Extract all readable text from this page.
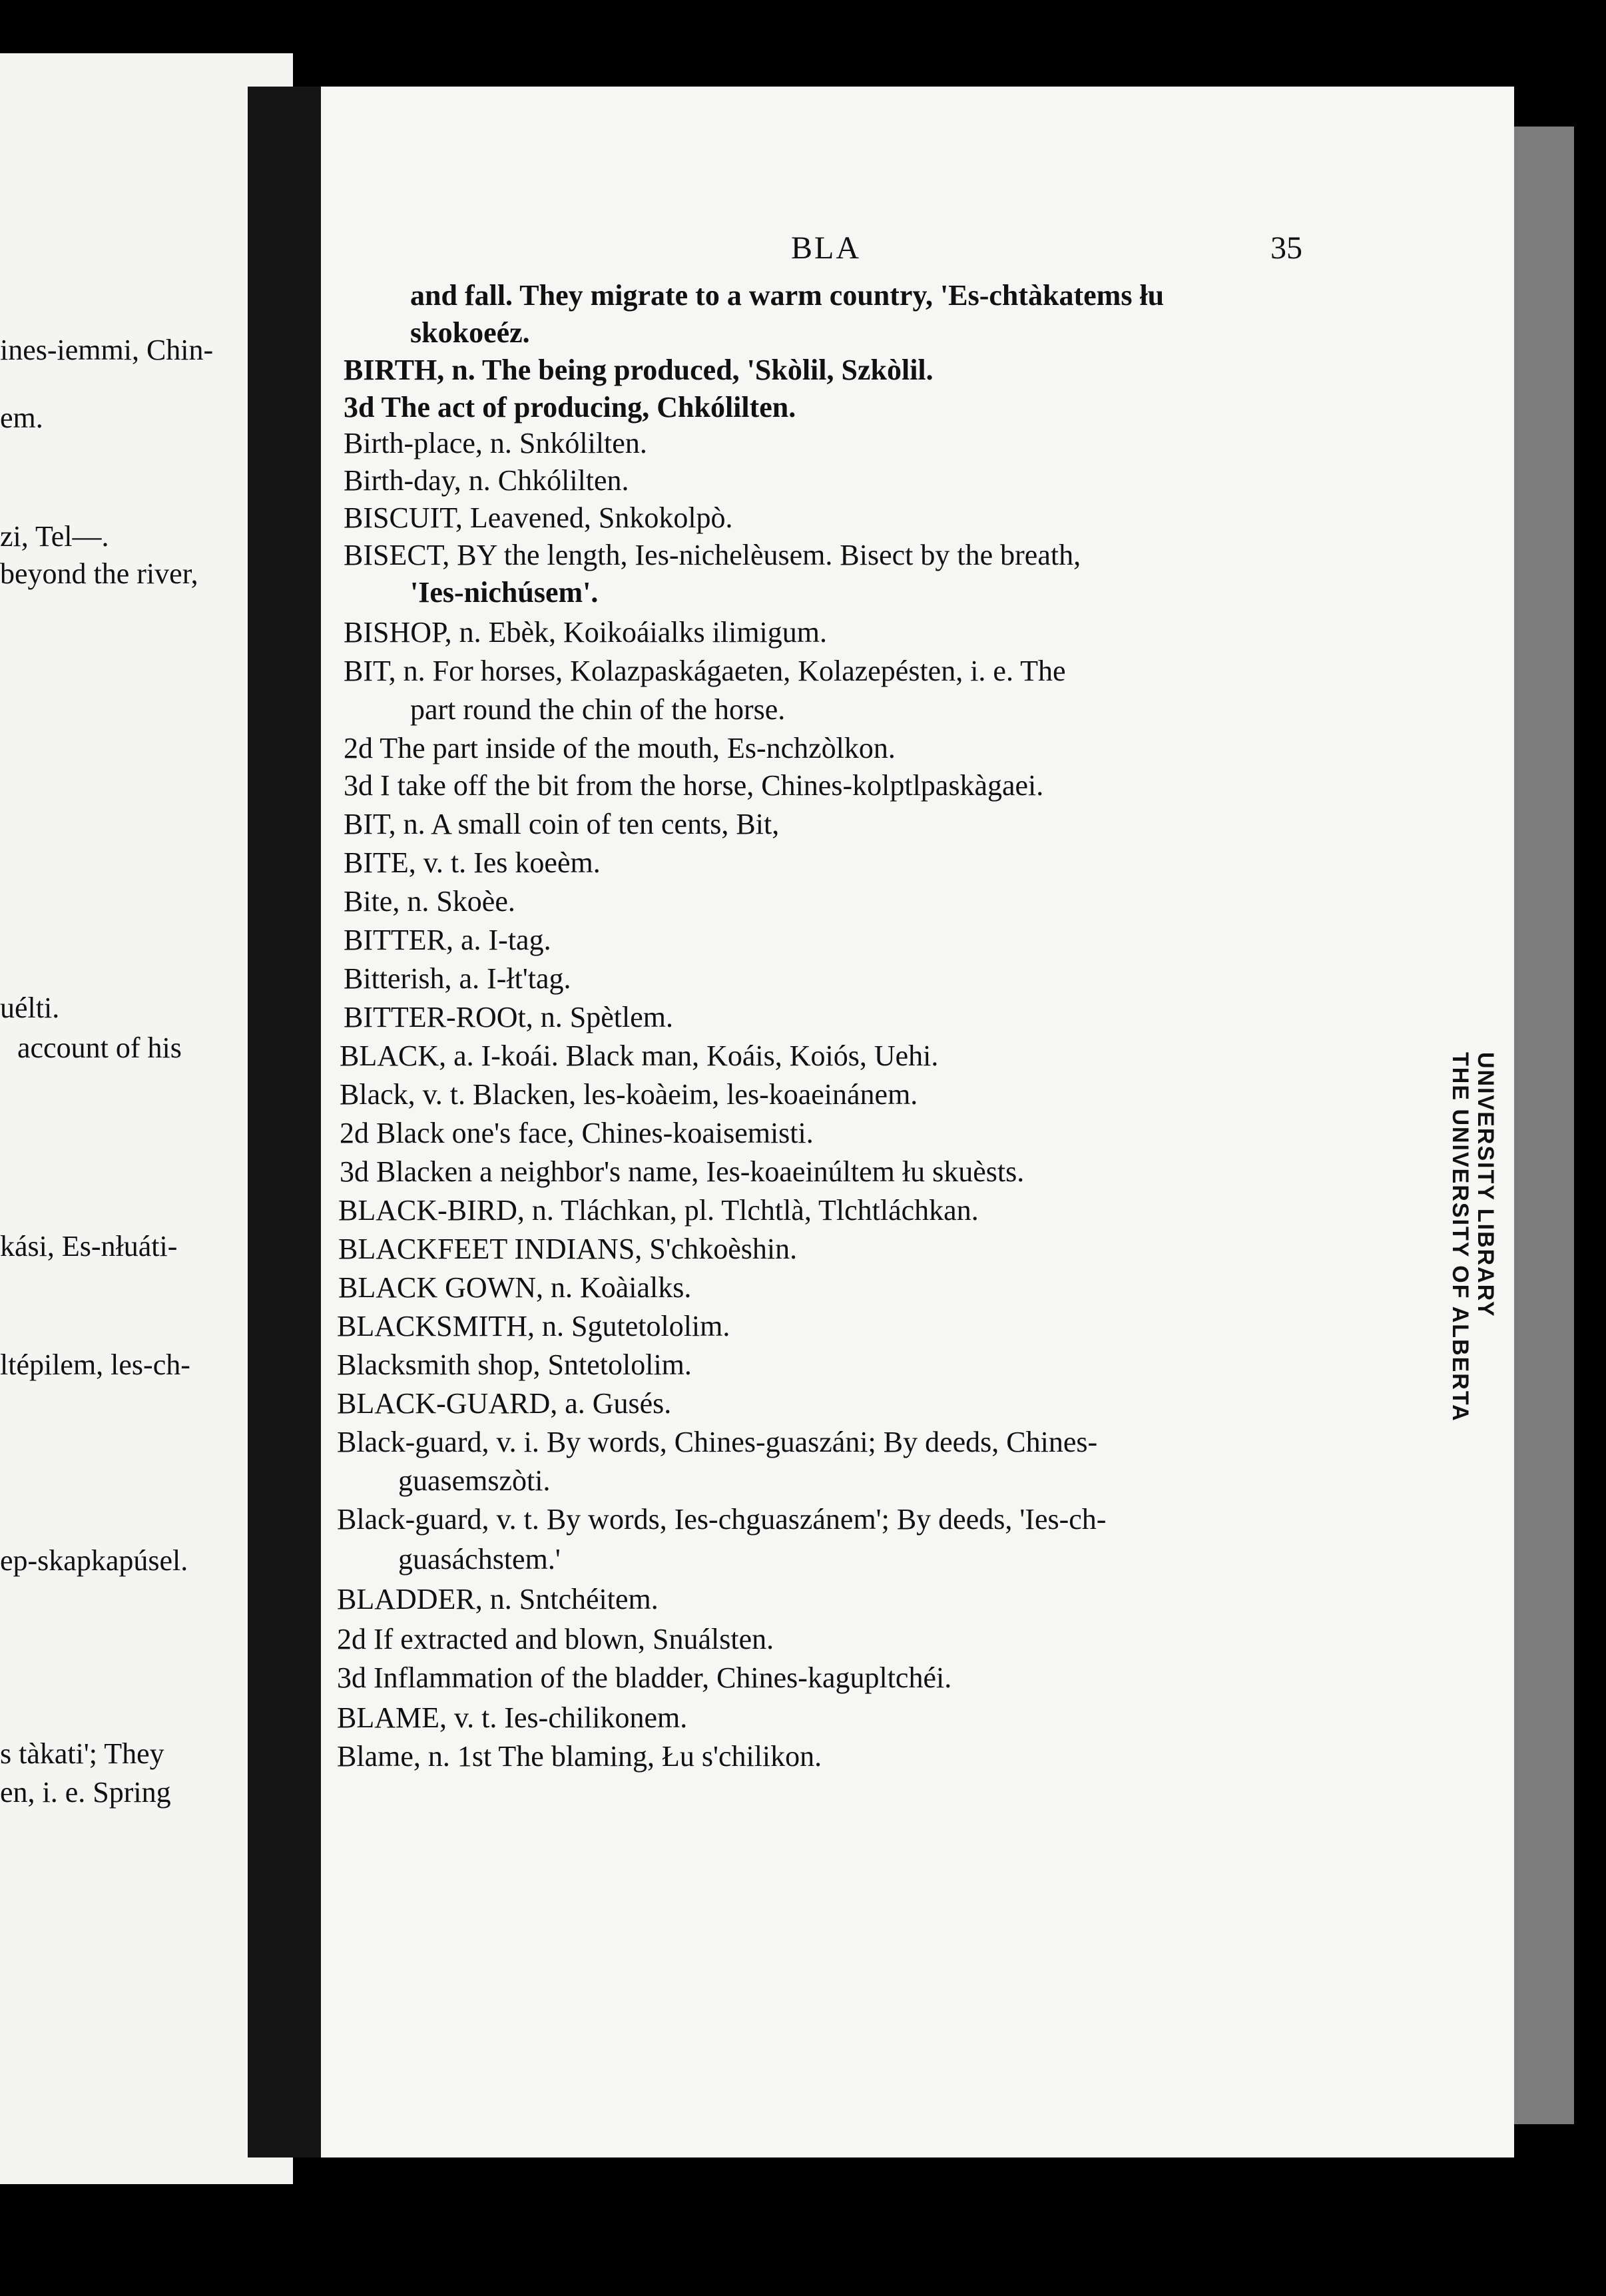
UNIVERSITY LIBRARY
THE UNIVERSITY OF ALBERTA
ines-iemmi, Chin-
em.
zi, Tel—.
beyond the river,
uélti.
account of his
kási, Es-nłuáti-
ltépilem, les-ch-
ep-skapkapúsel.
s tàkati'; They
en, i. e. Spring
BLA	35
and fall. They migrate to a warm country, 'Es-chtàkatems łu
skokoeéz.
BIRTH, n. The being produced, 'Skòlil, Szkòlil.
3d The act of producing, Chkólilten.
Birth-place, n. Snkólilten.
Birth-day, n. Chkólilten.
BISCUIT, Leavened, Snkokolpò.
BISECT, BY the length, Ies-nichelèusem. Bisect by the breath,
'Ies-nichúsem'.
BISHOP, n. Ebèk, Koikoáialks ilimigum.
BIT, n. For horses, Kolazpaskágaeten, Kolazepésten, i. e. The
part round the chin of the horse.
2d The part inside of the mouth, Es-nchzòlkon.
3d I take off the bit from the horse, Chines-kolptlpaskàgaei.
BIT, n. A small coin of ten cents, Bit,
BITE, v. t. Ies koeèm.
Bite, n. Skoèe.
BITTER, a. I-tag.
Bitterish, a. I-łt'tag.
BITTER-ROOt, n. Spètlem.
BLACK, a. I-koái. Black man, Koáis, Koiós, Uehi.
Black, v. t. Blacken, les-koàeim, les-koaeinánem.
2d Black one's face, Chines-koaisemisti.
3d Blacken a neighbor's name, Ies-koaeinúltem łu skuèsts.
BLACK-BIRD, n. Tláchkan, pl. Tlchtlà, Tlchtláchkan.
BLACKFEET INDIANS, S'chkoèshin.
BLACK GOWN, n. Koàialks.
BLACKSMITH, n. Sgutetololim.
Blacksmith shop, Sntetololim.
BLACK-GUARD, a. Gusés.
Black-guard, v. i. By words, Chines-guaszáni; By deeds, Chines-
guasemszòti.
Black-guard, v. t. By words, Ies-chguaszánem'; By deeds, 'Ies-ch-
guasáchstem.'
BLADDER, n. Sntchéitem.
2d If extracted and blown, Snuálsten.
3d Inflammation of the bladder, Chines-kagupltchéi.
BLAME, v. t. Ies-chilikonem.
Blame, n. 1st The blaming, Łu s'chilikon.
